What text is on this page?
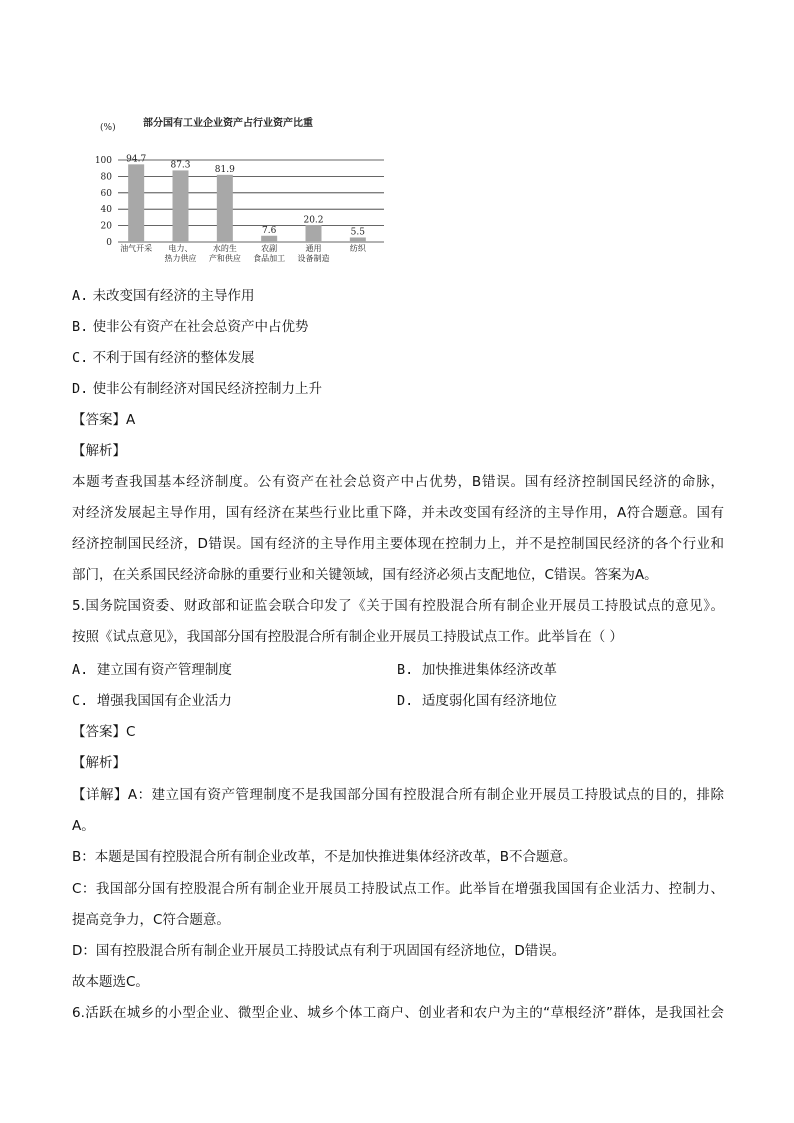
部分国有工业企业资产占行业资产比重
(%)
0
20
40
60
80
100 94.7
油气开采
87.3
电力、
热力供应
81.9
水的生
产和供应
7.6
农副
食品加工
20.2
通用
设备制造
5.5
纺织
A. 未改变国有经济的主导作用
B. 使非公有资产在社会总资产中占优势
C. 不利于国有经济的整体发展
D. 使非公有制经济对国民经济控制力上升
【答案】A
【解析】
本题考查我国基本经济制度。公有资产在社会总资产中占优势，B错误。国有经济控制国民经济的命脉，
对经济发展起主导作用，国有经济在某些行业比重下降，并未改变国有经济的主导作用，A符合题意。国有
经济控制国民经济，D错误。国有经济的主导作用主要体现在控制力上，并不是控制国民经济的各个行业和
部门，在关系国民经济命脉的重要行业和关键领域，国有经济必须占支配地位，C错误。答案为A。
5.国务院国资委、财政部和证监会联合印发了《关于国有控股混合所有制企业开展员工持股试点的意见》。
按照《试点意见》，我国部分国有控股混合所有制企业开展员工持股试点工作。此举旨在（ ）
A. 建立国有资产管理制度	B. 加快推进集体经济改革
C. 增强我国国有企业活力	D. 适度弱化国有经济地位
【答案】C
【解析】
【详解】A：建立国有资产管理制度不是我国部分国有控股混合所有制企业开展员工持股试点的目的，排除
A。
B：本题是国有控股混合所有制企业改革，不是加快推进集体经济改革，B不合题意。
C：我国部分国有控股混合所有制企业开展员工持股试点工作。此举旨在增强我国国有企业活力、控制力、
提高竞争力，C符合题意。
D：国有控股混合所有制企业开展员工持股试点有利于巩固国有经济地位，D错误。
故本题选C。
6.活跃在城乡的小型企业、微型企业、城乡个体工商户、创业者和农户为主的“草根经济”群体，是我国社会
